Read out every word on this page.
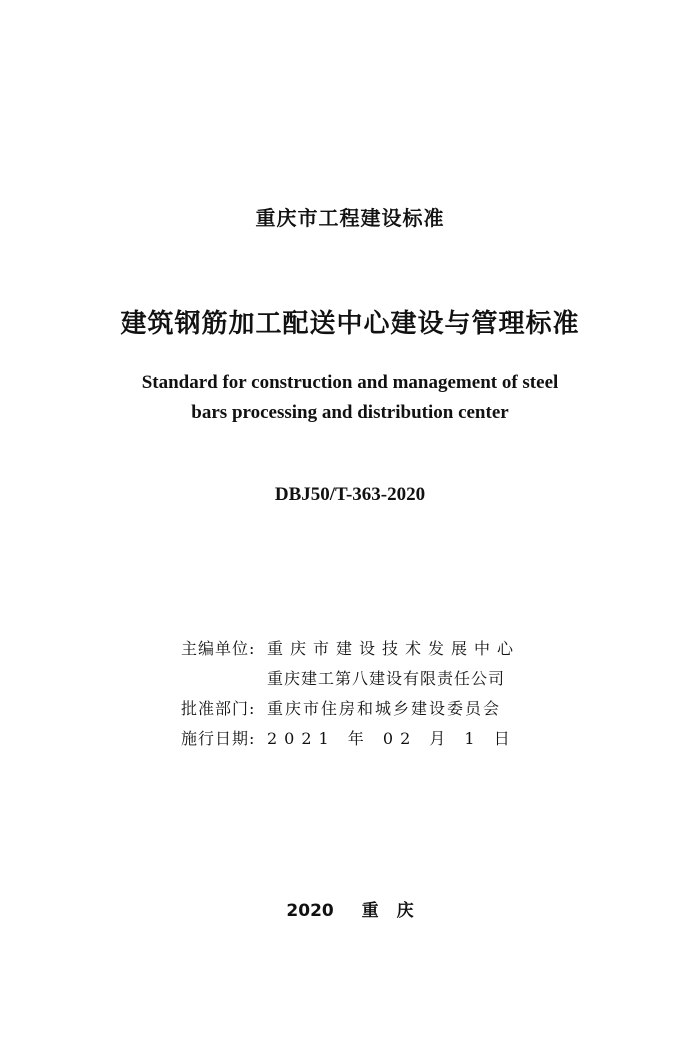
重庆市工程建设标准
建筑钢筋加工配送中心建设与管理标准
Standard for construction and management of steel
bars processing and distribution center
DBJ50/T-363-2020
主编单位: 重庆市建设技术发展中心
重庆建工第八建设有限责任公司
批准部门: 重庆市住房和城乡建设委员会
施行日期: 2021 年 02 月 1 日
2020 重庆
